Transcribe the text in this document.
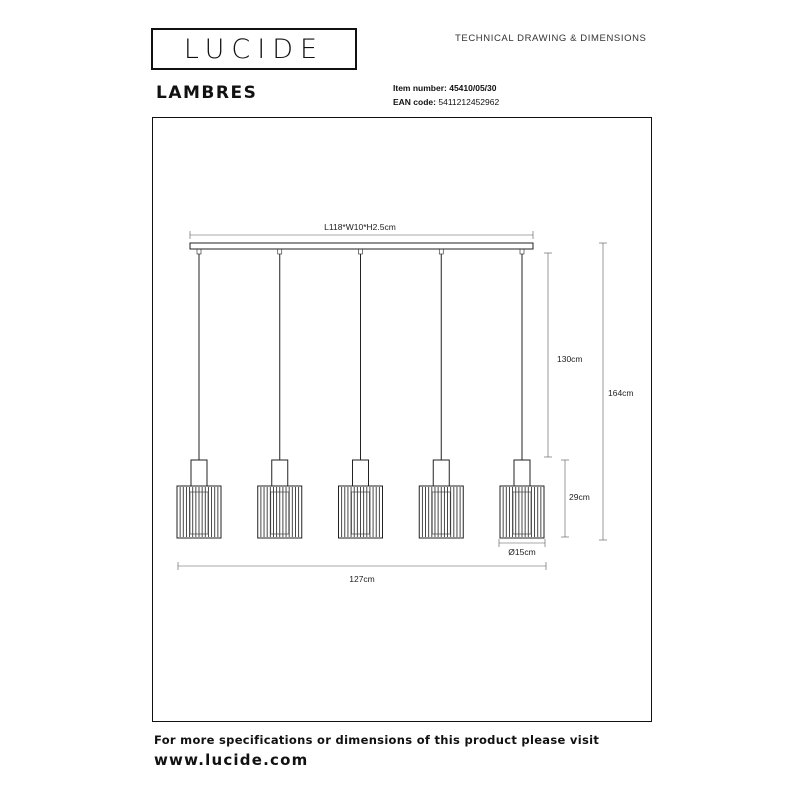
LUCIDE	TECHNICAL DRAWING & DIMENSIONS
LAMBRES	Item number: 45410/05/30
EAN code: 5411212452962
L118*W10*H2.5cm
130cm
164cm
29cm
Ø15cm
127cm
For more specifications or dimensions of this product please visit
www.lucide.com
